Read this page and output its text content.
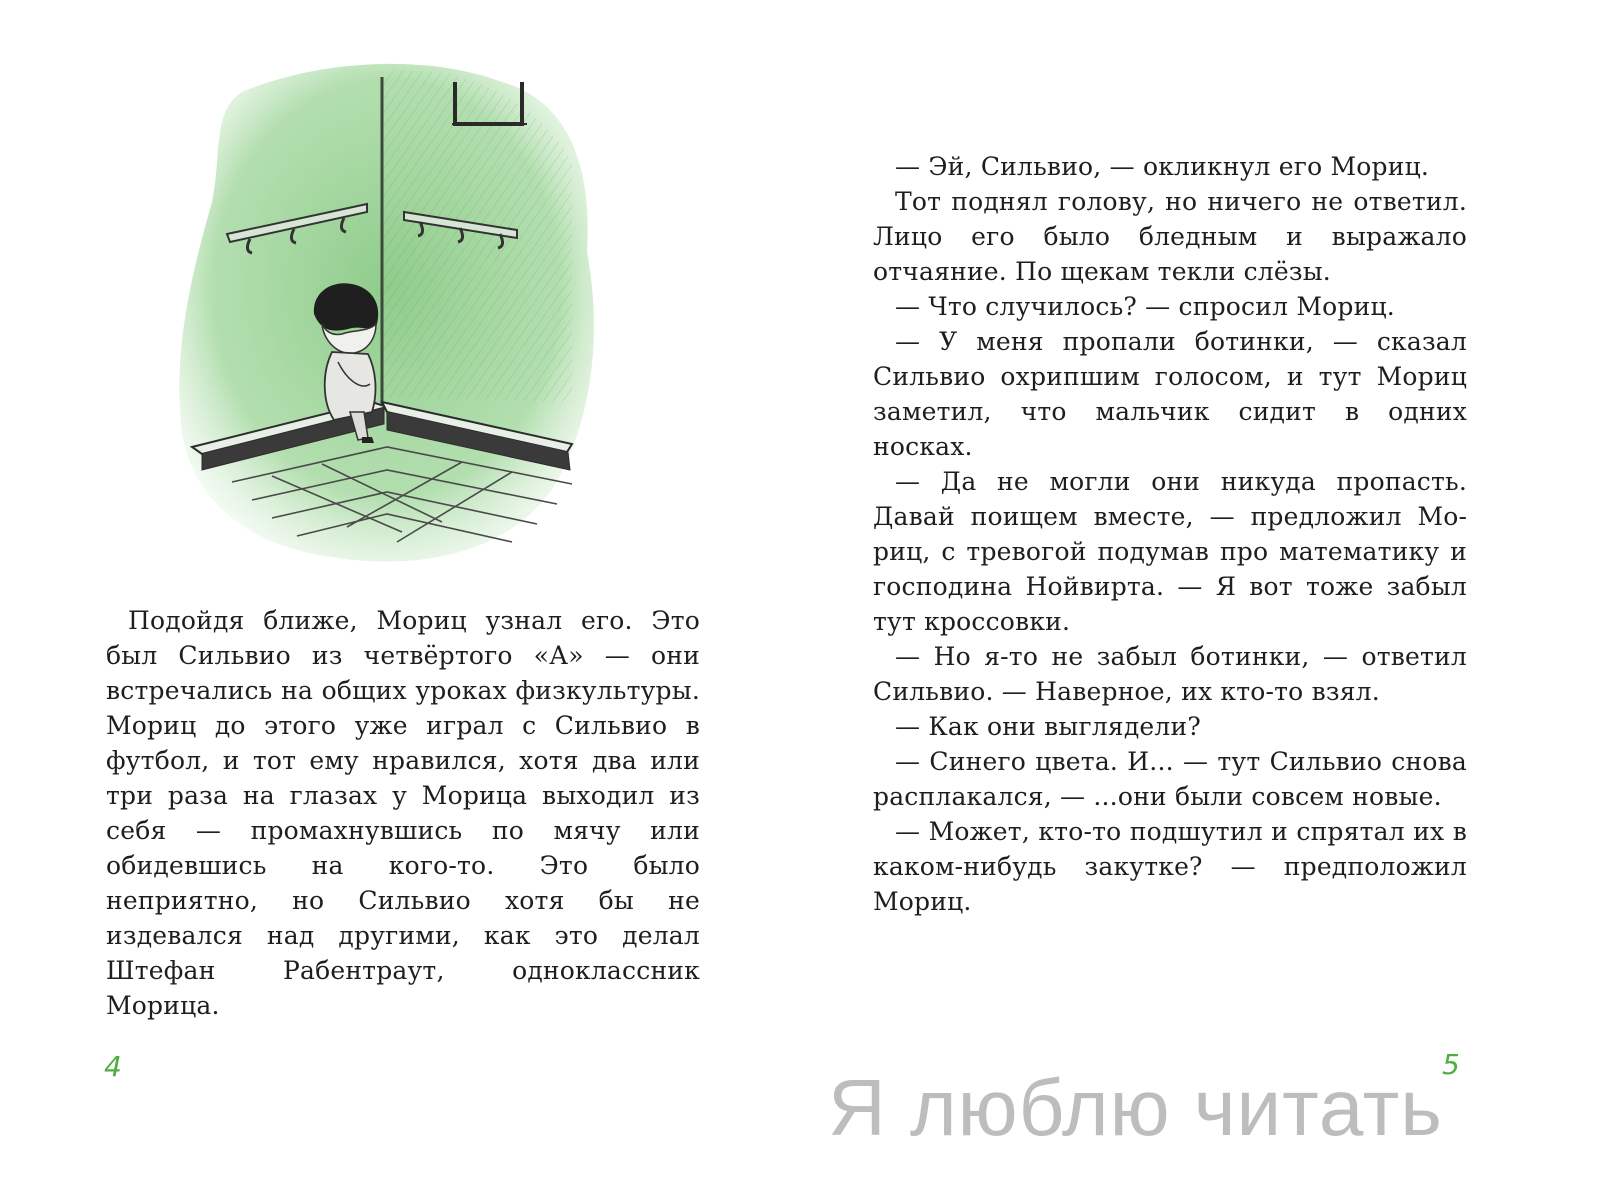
Подойдя ближе, Мориц узнал его. Это был Сильвио из четвёртого «А» — они встречались на общих уроках физкультуры. Мориц до этого уже играл с Сильвио в футбол, и тот ему нравился, хотя два или три раза на глазах у Морица выходил из себя — промахнувшись по мячу или обидевшись на кого-то. Это было неприятно, но Сильвио хотя бы не издевался над другими, как это делал Штефан Рабентраут, одноклассник Морица.

4

— Эй, Сильвио, — окликнул его Мориц.

Тот поднял голову, но ничего не ответил. Лицо его было бледным и выражало отчаяние. По щекам текли слёзы.

— Что случилось? — спросил Мориц.

— У меня пропали ботинки, — сказал Сильвио охрипшим голосом, и тут Мориц заметил, что мальчик сидит в одних носках.

— Да не могли они никуда пропасть. Давай поищем вместе, — предложил Мориц, с тревогой подумав про математику и господина Нойвирта. — Я вот тоже забыл тут кроссовки.

— Но я-то не забыл ботинки, — ответил Сильвио. — Наверное, их кто-то взял.

— Как они выглядели?

— Синего цвета. И... — тут Сильвио снова расплакался, — ...они были совсем новые.

— Может, кто-то подшутил и спрятал их в каком-нибудь закутке? — предположил Мориц.

5
Я люблю читать
